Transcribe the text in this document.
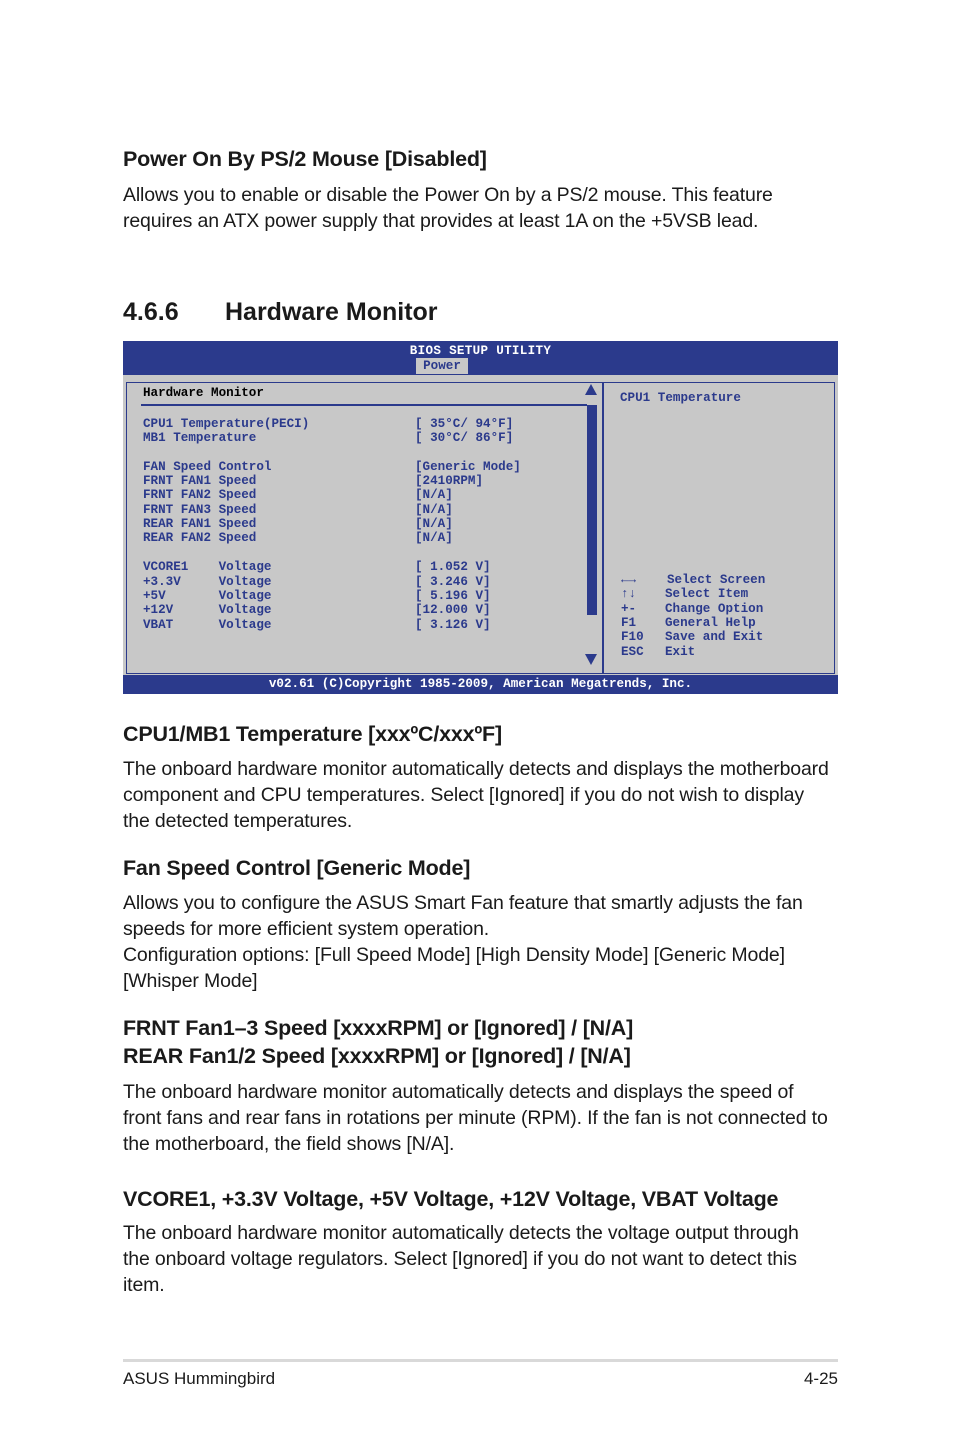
Power On By PS/2 Mouse [Disabled]
Allows you to enable or disable the Power On by a PS/2 mouse. This feature
requires an ATX power supply that provides at least 1A on the +5VSB lead.
4.6.6 Hardware Monitor
BIOS SETUP UTILITY
Power
Hardware Monitor
CPU1 Temperature(PECI)	[ 35°C/ 94°F]
MB1 Temperature	[ 30°C/ 86°F]
FAN Speed Control	[Generic Mode]
FRNT FAN1 Speed	[2410RPM]
FRNT FAN2 Speed	[N/A]
FRNT FAN3 Speed	[N/A]
REAR FAN1 Speed	[N/A]
REAR FAN2 Speed	[N/A]
VCORE1    Voltage	[ 1.052 V]
+3.3V     Voltage	[ 3.246 V]
+5V       Voltage	[ 5.196 V]
+12V      Voltage	[12.000 V]
VBAT      Voltage	[ 3.126 V]
CPU1 Temperature
←→ Select Screen
↑↓ Select Item
+- Change Option
F1 General Help
F10 Save and Exit
ESC Exit
v02.61 (C)Copyright 1985-2009, American Megatrends, Inc.
CPU1/MB1 Temperature [xxxºC/xxxºF]
The onboard hardware monitor automatically detects and displays the motherboard
component and CPU temperatures. Select [Ignored] if you do not wish to display
the detected temperatures.
Fan Speed Control [Generic Mode]
Allows you to configure the ASUS Smart Fan feature that smartly adjusts the fan
speeds for more efficient system operation.
Configuration options: [Full Speed Mode] [High Density Mode] [Generic Mode]
[Whisper Mode]
FRNT Fan1–3 Speed [xxxxRPM] or [Ignored] / [N/A]
REAR Fan1/2 Speed [xxxxRPM] or [Ignored] / [N/A]
The onboard hardware monitor automatically detects and displays the speed of
front fans and rear fans in rotations per minute (RPM). If the fan is not connected to
the motherboard, the field shows [N/A].
VCORE1, +3.3V Voltage, +5V Voltage, +12V Voltage, VBAT Voltage
The onboard hardware monitor automatically detects the voltage output through
the onboard voltage regulators. Select [Ignored] if you do not want to detect this
item.
ASUS Hummingbird	4-25
